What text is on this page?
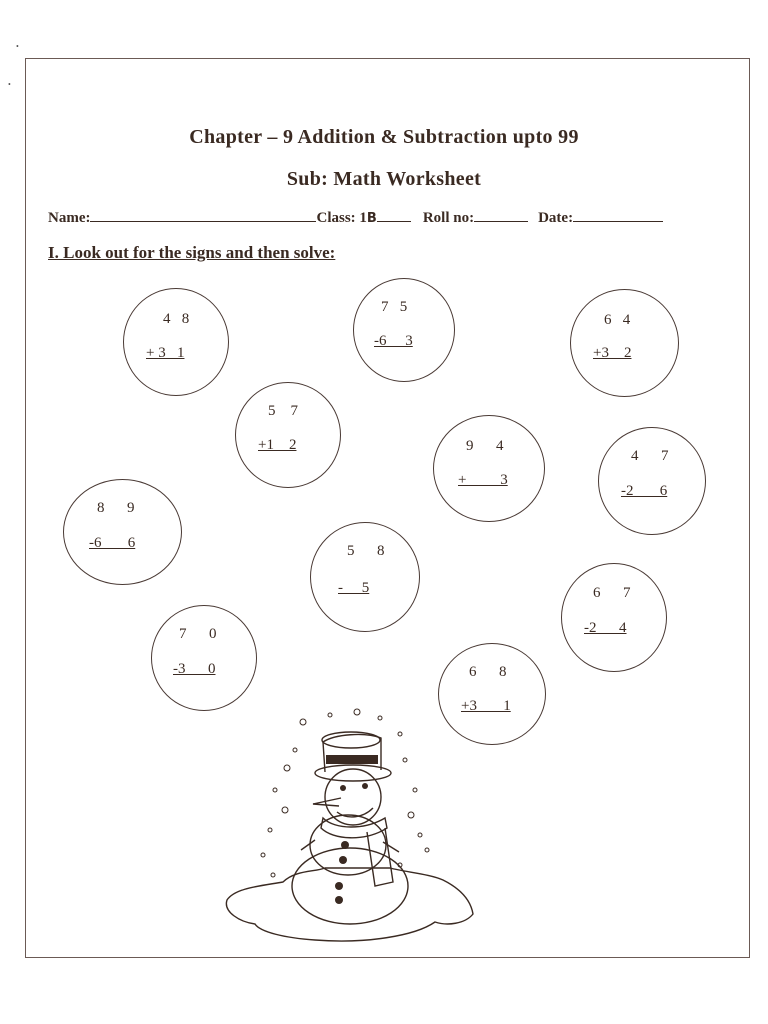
•
•
Chapter – 9 Addition & Subtraction upto 99
Sub: Math Worksheet
Name:	Class: 1B	Roll no:	Date:
I. Look out for the signs and then solve:
4   8
+ 3   1
7   5
-6     3
6   4
+3    2
5    7
+1    2	9      4
+         3
4      7
-2       6
8      9
-6       6	5      8
-     5	6      7
-2      4
7      0
-3      0	6      8
+3       1
